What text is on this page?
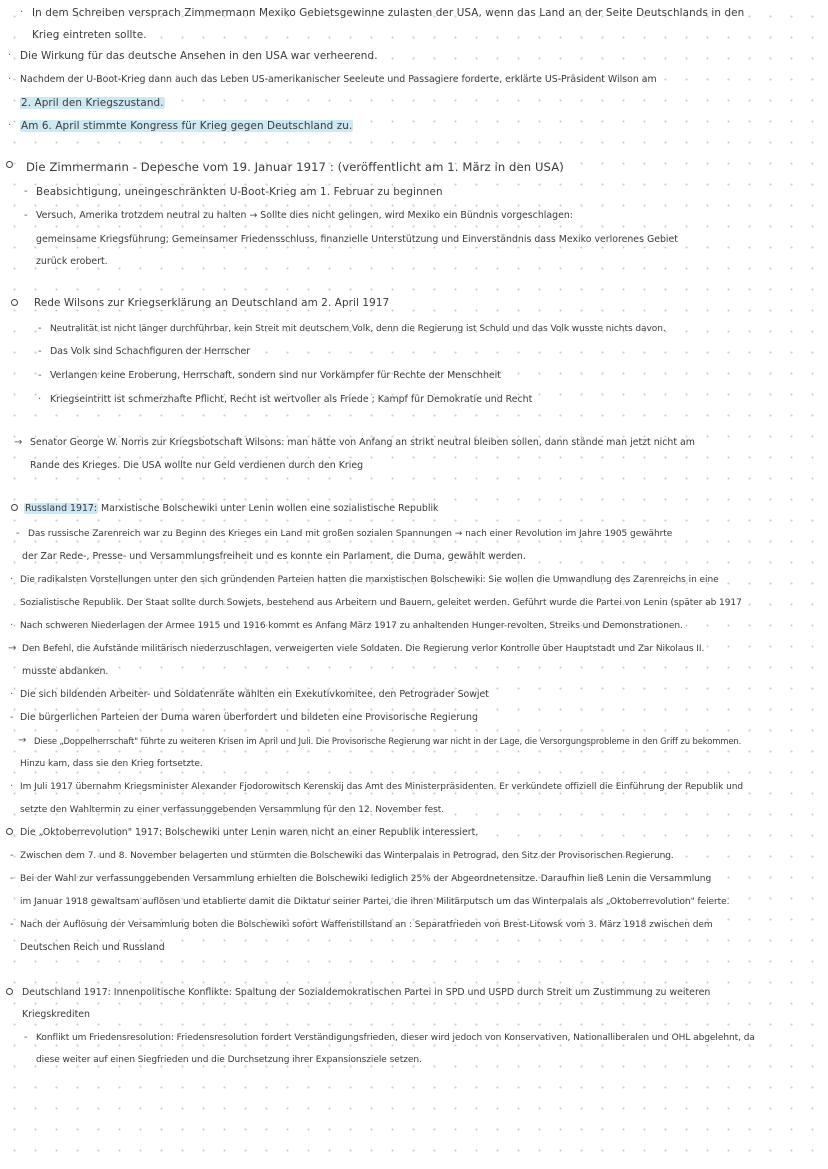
· In dem Schreiben versprach Zimmermann Mexiko Gebietsgewinne zulasten der USA, wenn das Land an der Seite Deutschlands in den
Krieg eintreten sollte.
· Die Wirkung für das deutsche Ansehen in den USA war verheerend.
· Nachdem der U-Boot-Krieg dann auch das Leben US-amerikanischer Seeleute und Passagiere forderte, erklärte US-Präsident Wilson am
2. April den Kriegszustand.
· Am 6. April stimmte Kongress für Krieg gegen Deutschland zu.
Die Zimmermann - Depesche vom 19. Januar 1917 : (veröffentlicht am 1. März in den USA)
- Beabsichtigung, uneingeschränkten U-Boot-Krieg am 1. Februar zu beginnen
- Versuch, Amerika trotzdem neutral zu halten → Sollte dies nicht gelingen, wird Mexiko ein Bündnis vorgeschlagen:
gemeinsame Kriegsführung; Gemeinsamer Friedensschluss, finanzielle Unterstützung und Einverständnis dass Mexiko verlorenes Gebiet
zurück erobert.
Rede Wilsons zur Kriegserklärung an Deutschland am 2. April 1917
- Neutralität ist nicht länger durchführbar, kein Streit mit deutschem Volk, denn die Regierung ist Schuld und das Volk wusste nichts davon.
- Das Volk sind Schachfiguren der Herrscher
- Verlangen keine Eroberung, Herrschaft, sondern sind nur Vorkämpfer für Rechte der Menschheit
· Kriegseintritt ist schmerzhafte Pflicht, Recht ist wertvoller als Friede ; Kampf für Demokratie und Recht
→ Senator George W. Norris zur Kriegsbotschaft Wilsons: man hätte von Anfang an strikt neutral bleiben sollen, dann stände man jetzt nicht am
Rande des Krieges. Die USA wollte nur Geld verdienen durch den Krieg
Russland 1917: Marxistische Bolschewiki unter Lenin wollen eine sozialistische Republik
- Das russische Zarenreich war zu Beginn des Krieges ein Land mit großen sozialen Spannungen → nach einer Revolution im Jahre 1905 gewährte
der Zar Rede-, Presse- und Versammlungsfreiheit und es konnte ein Parlament, die Duma, gewählt werden.
· Die radikalsten Vorstellungen unter den sich gründenden Parteien hatten die marxistischen Bolschewiki: Sie wollen die Umwandlung des Zarenreichs in eine
Sozialistische Republik. Der Staat sollte durch Sowjets, bestehend aus Arbeitern und Bauern, geleitet werden. Geführt wurde die Partei von Lenin (später ab 1917
· Nach schweren Niederlagen der Armee 1915 und 1916 kommt es Anfang März 1917 zu anhaltenden Hunger-revolten, Streiks und Demonstrationen.
→ Den Befehl, die Aufstände militärisch niederzuschlagen, verweigerten viele Soldaten. Die Regierung verlor Kontrolle über Hauptstadt und Zar Nikolaus II.
musste abdanken.
· Die sich bildenden Arbeiter- und Soldatenräte wählten ein Exekutivkomitee, den Petrograder Sowjet
- Die bürgerlichen Parteien der Duma waren überfordert und bildeten eine Provisorische Regierung
→ Diese „Doppelherrschaft" führte zu weiteren Krisen im April und Juli. Die Provisorische Regierung war nicht in der Lage, die Versorgungsprobleme in den Griff zu bekommen.
Hinzu kam, dass sie den Krieg fortsetzte.
· Im Juli 1917 übernahm Kriegsminister Alexander Fjodorowitsch Kerenskij das Amt des Ministerpräsidenten. Er verkündete offiziell die Einführung der Republik und
setzte den Wahltermin zu einer verfassunggebenden Versammlung für den 12. November fest.
Die „Oktoberrevolution" 1917: Bolschewiki unter Lenin waren nicht an einer Republik interessiert.
- Zwischen dem 7. und 8. November belagerten und stürmten die Bolschewiki das Winterpalais in Petrograd, den Sitz der Provisorischen Regierung.
- Bei der Wahl zur verfassunggebenden Versammlung erhielten die Bolschewiki lediglich 25% der Abgeordnetensitze. Daraufhin ließ Lenin die Versammlung
im Januar 1918 gewaltsam auflösen und etablierte damit die Diktatur seiner Partei, die ihren Militärputsch um das Winterpalais als „Oktoberrevolution" feierte.
- Nach der Auflösung der Versammlung boten die Bolschewiki sofort Waffenstillstand an : Separatfrieden von Brest-Litowsk vom 3. März 1918 zwischen dem
Deutschen Reich und Russland
Deutschland 1917: Innenpolitische Konflikte: Spaltung der Sozialdemokratischen Partei in SPD und USPD durch Streit um Zustimmung zu weiteren
Kriegskrediten
- Konflikt um Friedensresolution: Friedensresolution fordert Verständigungsfrieden, dieser wird jedoch von Konservativen, Nationalliberalen und OHL abgelehnt, da
diese weiter auf einen Siegfrieden und die Durchsetzung ihrer Expansionsziele setzen.
